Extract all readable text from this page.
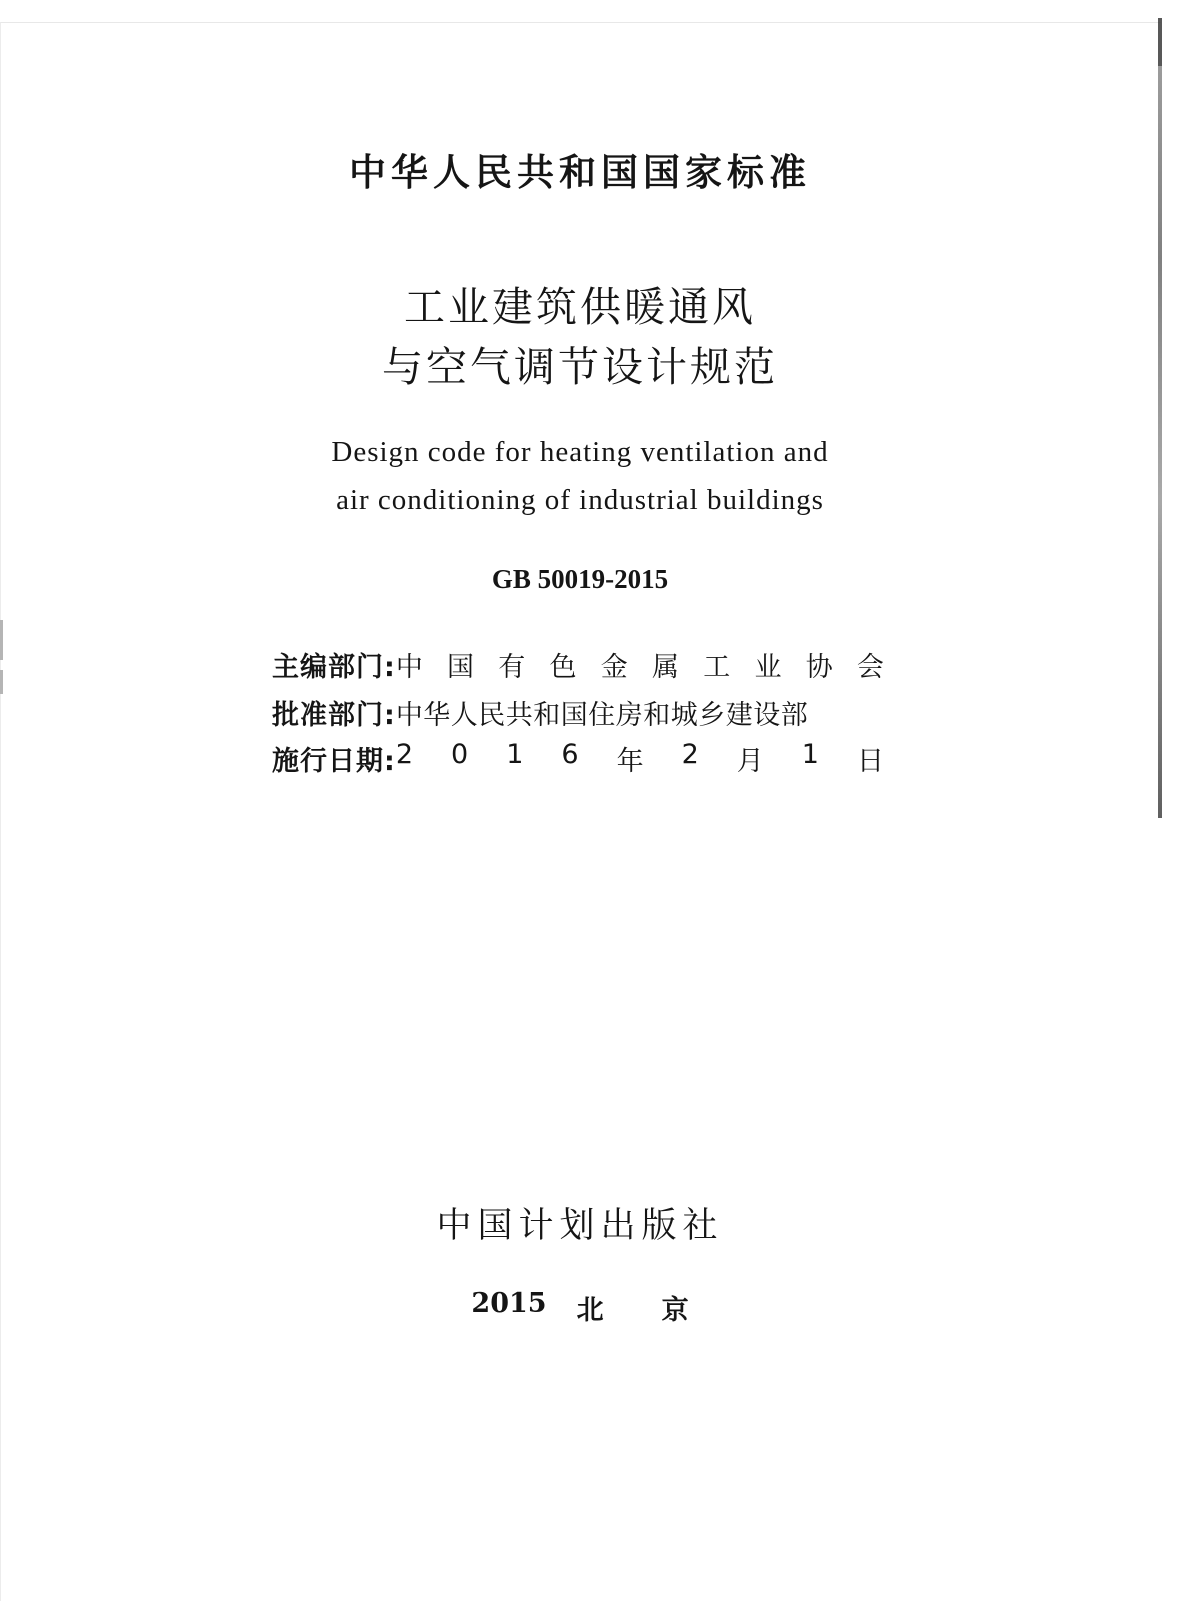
中华人民共和国国家标准
工业建筑供暖通风
与空气调节设计规范
Design code for heating ventilation and
air conditioning of industrial buildings
GB 50019-2015
主编部门: 中 国 有 色 金 属 工 业 协 会
批准部门: 中华人民共和国住房和城乡建设部
施行日期: 2 0 1 6 年 2 月 1 日
中国计划出版社
2015 北 京
